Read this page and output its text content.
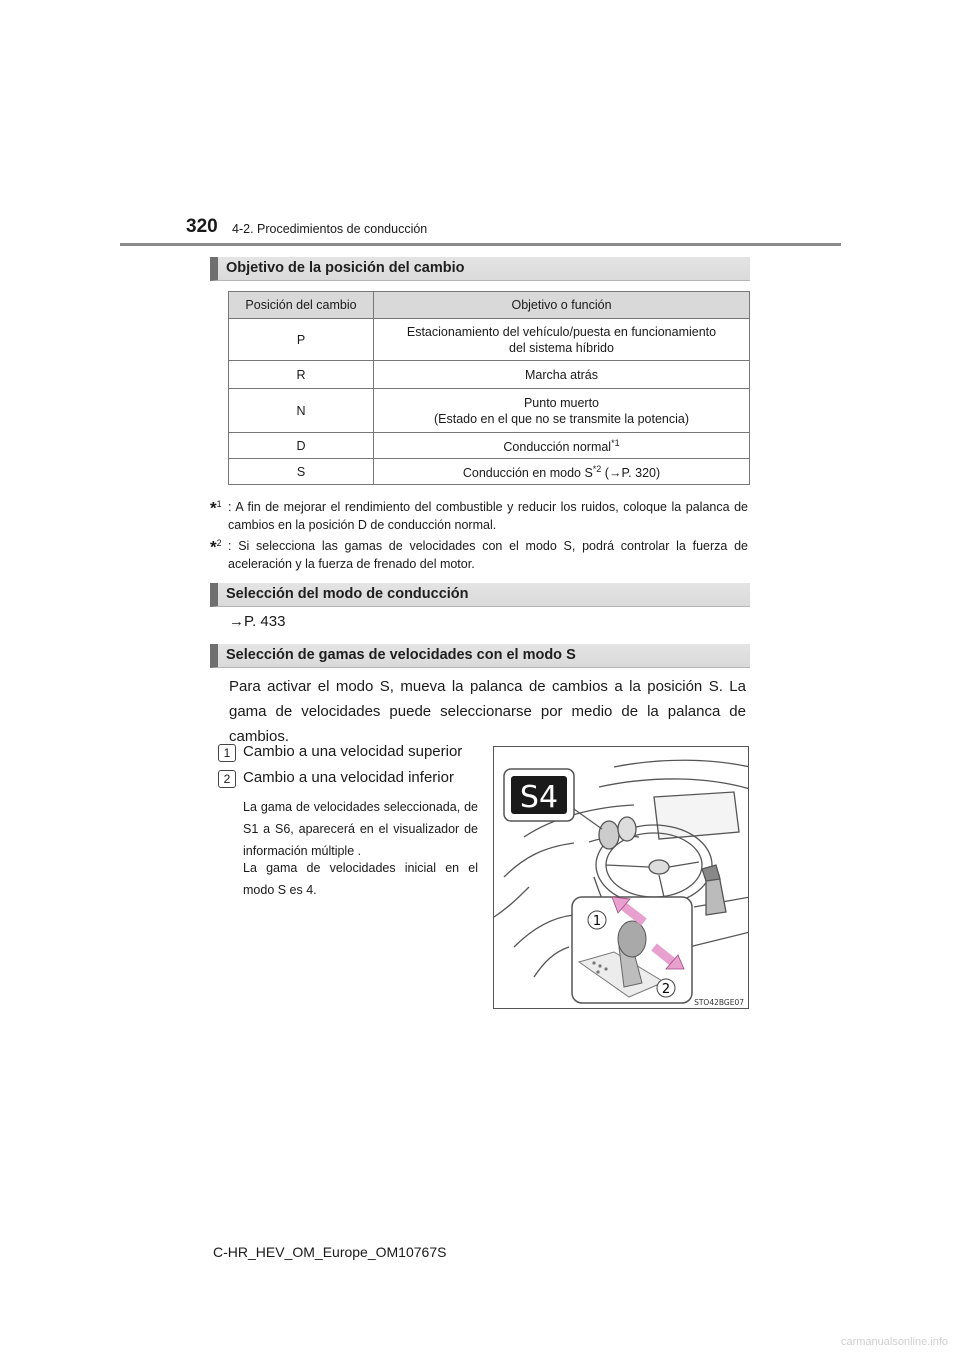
320 4-2. Procedimientos de conducción
Objetivo de la posición del cambio
Posición del cambio	Objetivo o función
P	Estacionamiento del vehículo/puesta en funcionamiento
del sistema híbrido

R	Marcha atrás
N	Punto muerto
(Estado en el que no se transmite la potencia)

D	Conducción normal$^{*1}$
S	Conducción en modo $S^{*2}$ (→P. 320)
*$^1$ : A fin de mejorar el rendimiento del combustible y reducir los ruidos, coloque la palanca de cambios en la posición D de conducción normal.
*$^2$ : Si selecciona las gamas de velocidades con el modo S, podrá controlar la fuerza de aceleración y la fuerza de frenado del motor.
Selección del modo de conducción
→P. 433
Selección de gamas de velocidades con el modo S
Para activar el modo S, mueva la palanca de cambios a la posición S. La gama de velocidades puede seleccionarse por medio de la palanca de cambios.
1 Cambio a una velocidad superior
2 Cambio a una velocidad inferior
La gama de velocidades seleccionada, de S1 a S6, aparecerá en el visualizador de información múltiple .
La gama de velocidades inicial en el modo S es 4.
S4
1
2
STO42BGE07
C-HR_HEV_OM_Europe_OM10767S
carmanualsonline.info
